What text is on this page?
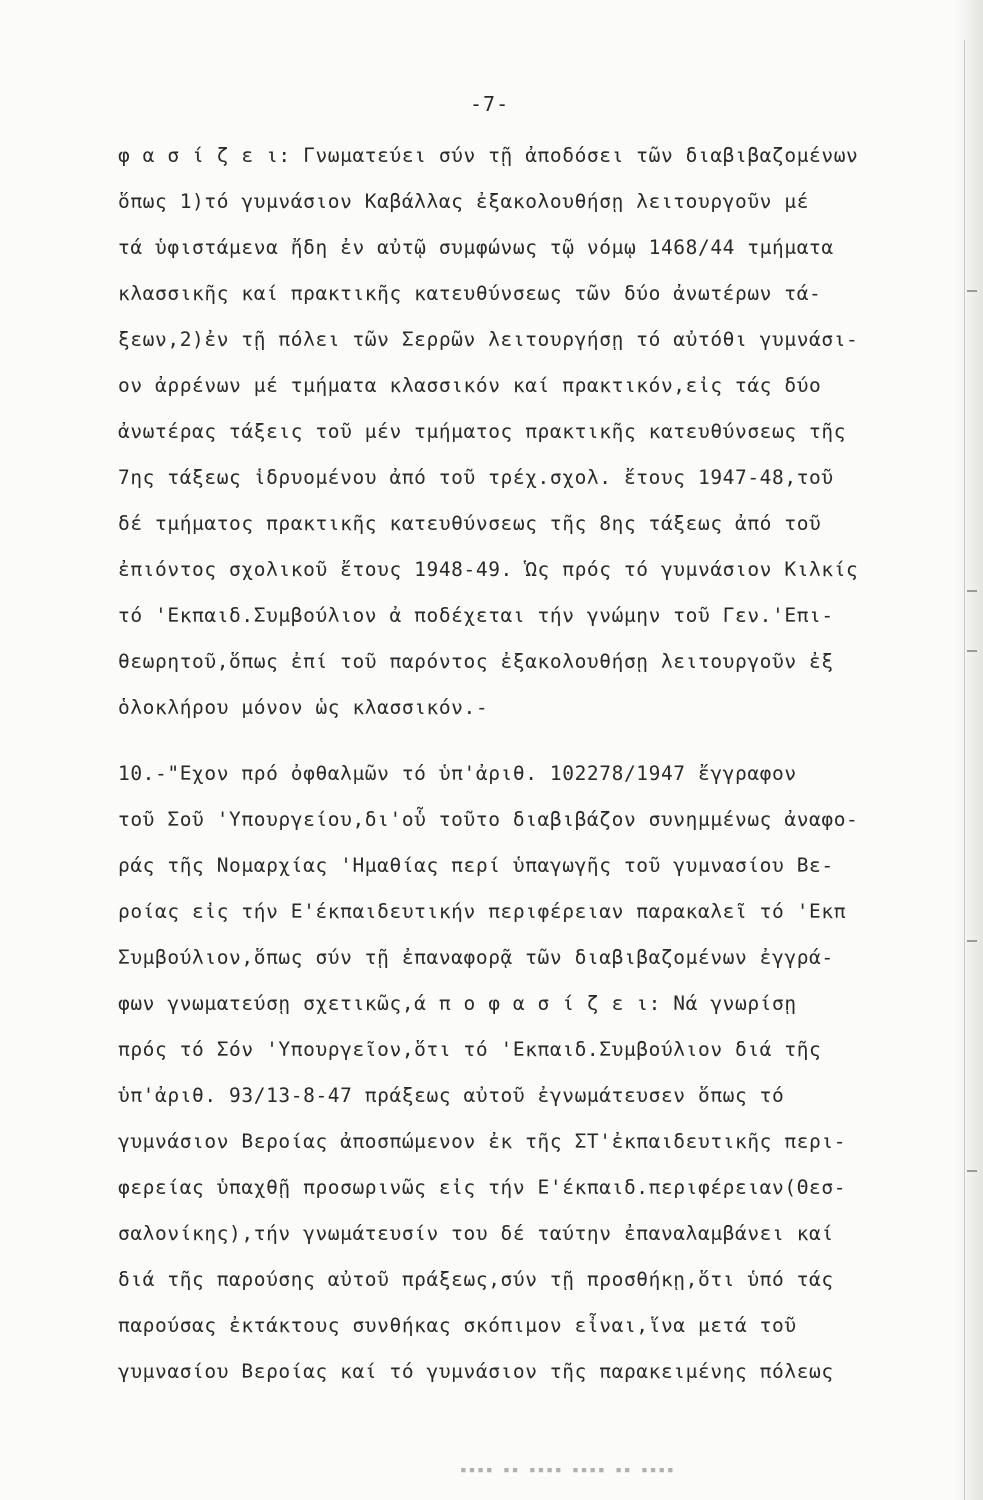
-7-
φ α σ ί ζ ε ι: Γνωματεύει σύν τῇ ἀποδόσει τῶν διαβιβαζομένων
ὅπως 1)τό γυμνάσιον Καβάλλας ἐξακολουθήσῃ λειτουργοῦν μέ
τά ὑφιστάμενα ἤδη ἐν αὐτῷ συμφώνως τῷ νόμῳ 1468/44 τμήματα
κλασσικῆς καί πρακτικῆς κατευθύνσεως τῶν δύο ἀνωτέρων τά-
ξεων,2)ἐν τῇ πόλει τῶν Σερρῶν λειτουργήσῃ τό αὐτόθι γυμνάσι-
ον ἀρρένων μέ τμήματα κλασσικόν καί πρακτικόν,εἰς τάς δύο
ἀνωτέρας τάξεις τοῦ μέν τμήματος πρακτικῆς κατευθύνσεως τῆς
7ης τάξεως ἱδρυομένου ἀπό τοῦ τρέχ.σχολ. ἔτους 1947-48,τοῦ
δέ τμήματος πρακτικῆς κατευθύνσεως τῆς 8ης τάξεως ἀπό τοῦ
ἐπιόντος σχολικοῦ ἔτους 1948-49. Ὡς πρός τό γυμνάσιον Κιλκίς
τό 'Εκπαιδ.Συμβούλιον ἀ ποδέχεται τήν γνώμην τοῦ Γεν.'Επι-
θεωρητοῦ,ὅπως ἐπί τοῦ παρόντος ἐξακολουθήσῃ λειτουργοῦν ἐξ
ὁλοκλήρου μόνον ὡς κλασσικόν.-
10.-"Εχον πρό ὀφθαλμῶν τό ὑπ'ἀριθ. 102278/1947 ἔγγραφον
τοῦ Σοῦ 'Υπουργείου,δι'οὗ τοῦτο διαβιβάζον συνημμένως ἀναφο-
ράς τῆς Νομαρχίας 'Ημαθίας περί ὑπαγωγῆς τοῦ γυμνασίου Βε-
ροίας εἰς τήν Ε'έκπαιδευτικήν περιφέρειαν παρακαλεῖ τό 'Εκπ
Συμβούλιον,ὅπως σύν τῇ ἐπαναφορᾷ τῶν διαβιβαζομένων ἐγγρά-
φων γνωματεύσῃ σχετικῶς,ά π ο φ α σ ί ζ ε ι: Νά γνωρίσῃ
πρός τό Σόν 'Υπουργεῖον,ὅτι τό 'Εκπαιδ.Συμβούλιον διά τῆς
ὑπ'ἀριθ. 93/13-8-47 πράξεως αὐτοῦ ἐγνωμάτευσεν ὅπως τό
γυμνάσιον Βεροίας ἀποσπώμενον ἐκ τῆς ΣΤ'ἐκπαιδευτικῆς περι-
φερείας ὑπαχθῇ προσωρινῶς εἰς τήν Ε'έκπαιδ.περιφέρειαν(Θεσ-
σαλονίκης),τήν γνωμάτευσίν του δέ ταύτην ἐπαναλαμβάνει καί
διά τῆς παρούσης αὐτοῦ πράξεως,σύν τῇ προσθήκῃ,ὅτι ὑπό τάς
παρούσας ἐκτάκτους συνθήκας σκόπιμον εἶναι,ἵνα μετά τοῦ
γυμνασίου Βεροίας καί τό γυμνάσιον τῆς παρακειμένης πόλεως
▪▪▪▪ ▪▪ ▪▪▪▪ ▪▪▪▪ ▪▪ ▪▪▪▪
